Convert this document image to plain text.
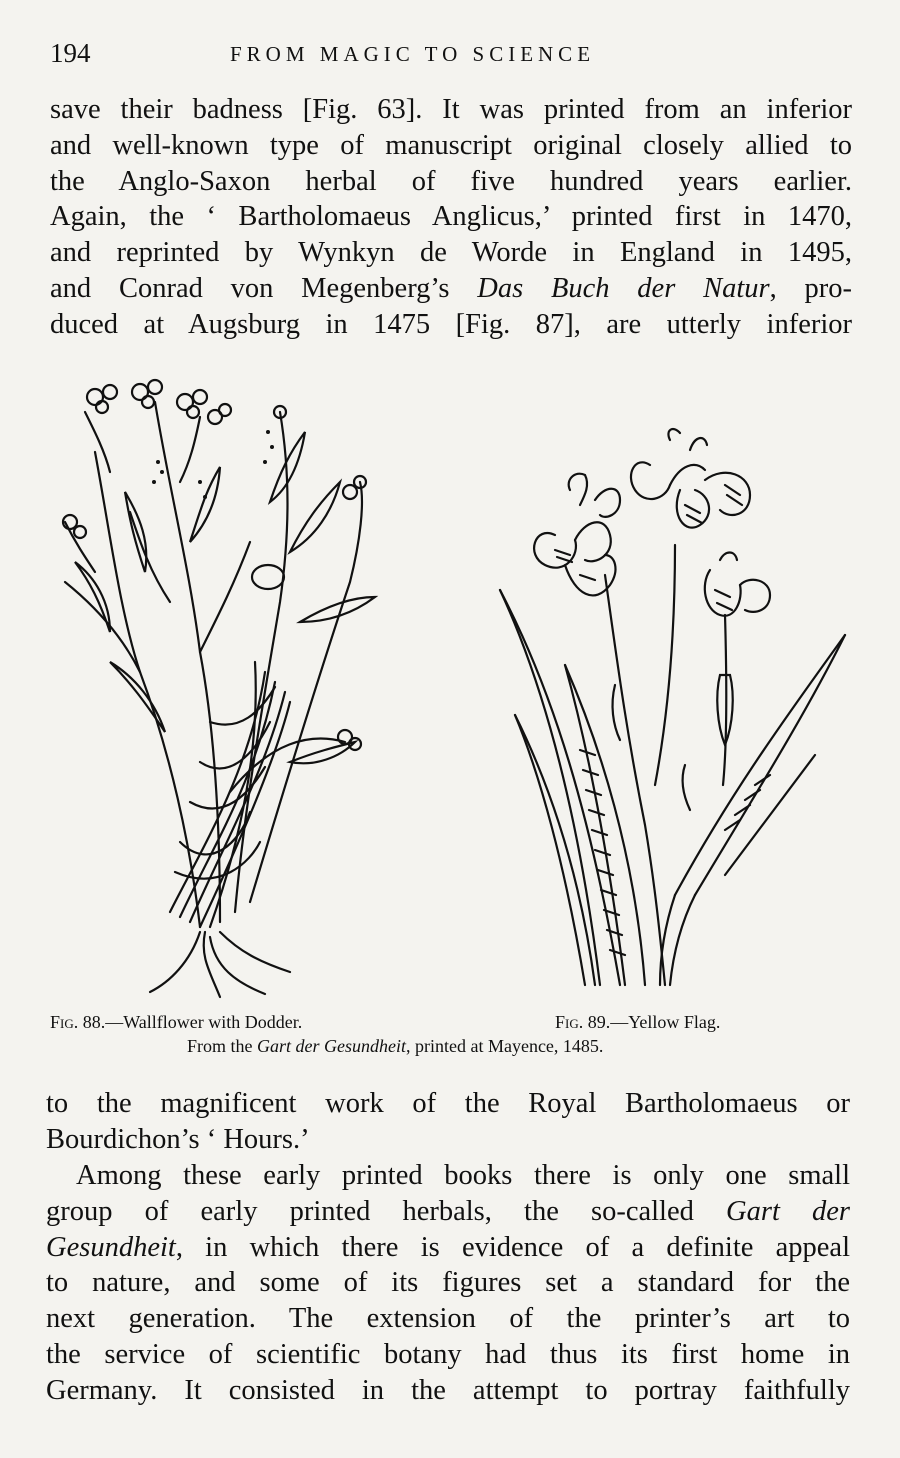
194	FROM MAGIC TO SCIENCE
save their badness [Fig. 63]. It was printed from an inferior
and well-known type of manuscript original closely allied to
the Anglo-Saxon herbal of five hundred years earlier.
Again, the ‘ Bartholomaeus Anglicus,’ printed first in 1470,
and reprinted by Wynkyn de Worde in England in 1495,
and Conrad von Megenberg’s Das Buch der Natur, pro-
duced at Augsburg in 1475 [Fig. 87], are utterly inferior
Fig. 88.—Wallflower with Dodder.	Fig. 89.—Yellow Flag.
From the Gart der Gesundheit, printed at Mayence, 1485.
to the magnificent work of the Royal Bartholomaeus or
Bourdichon’s ‘ Hours.’
Among these early printed books there is only one small
group of early printed herbals, the so-called Gart der
Gesundheit, in which there is evidence of a definite appeal
to nature, and some of its figures set a standard for the
next generation. The extension of the printer’s art to
the service of scientific botany had thus its first home in
Germany. It consisted in the attempt to portray faithfully
